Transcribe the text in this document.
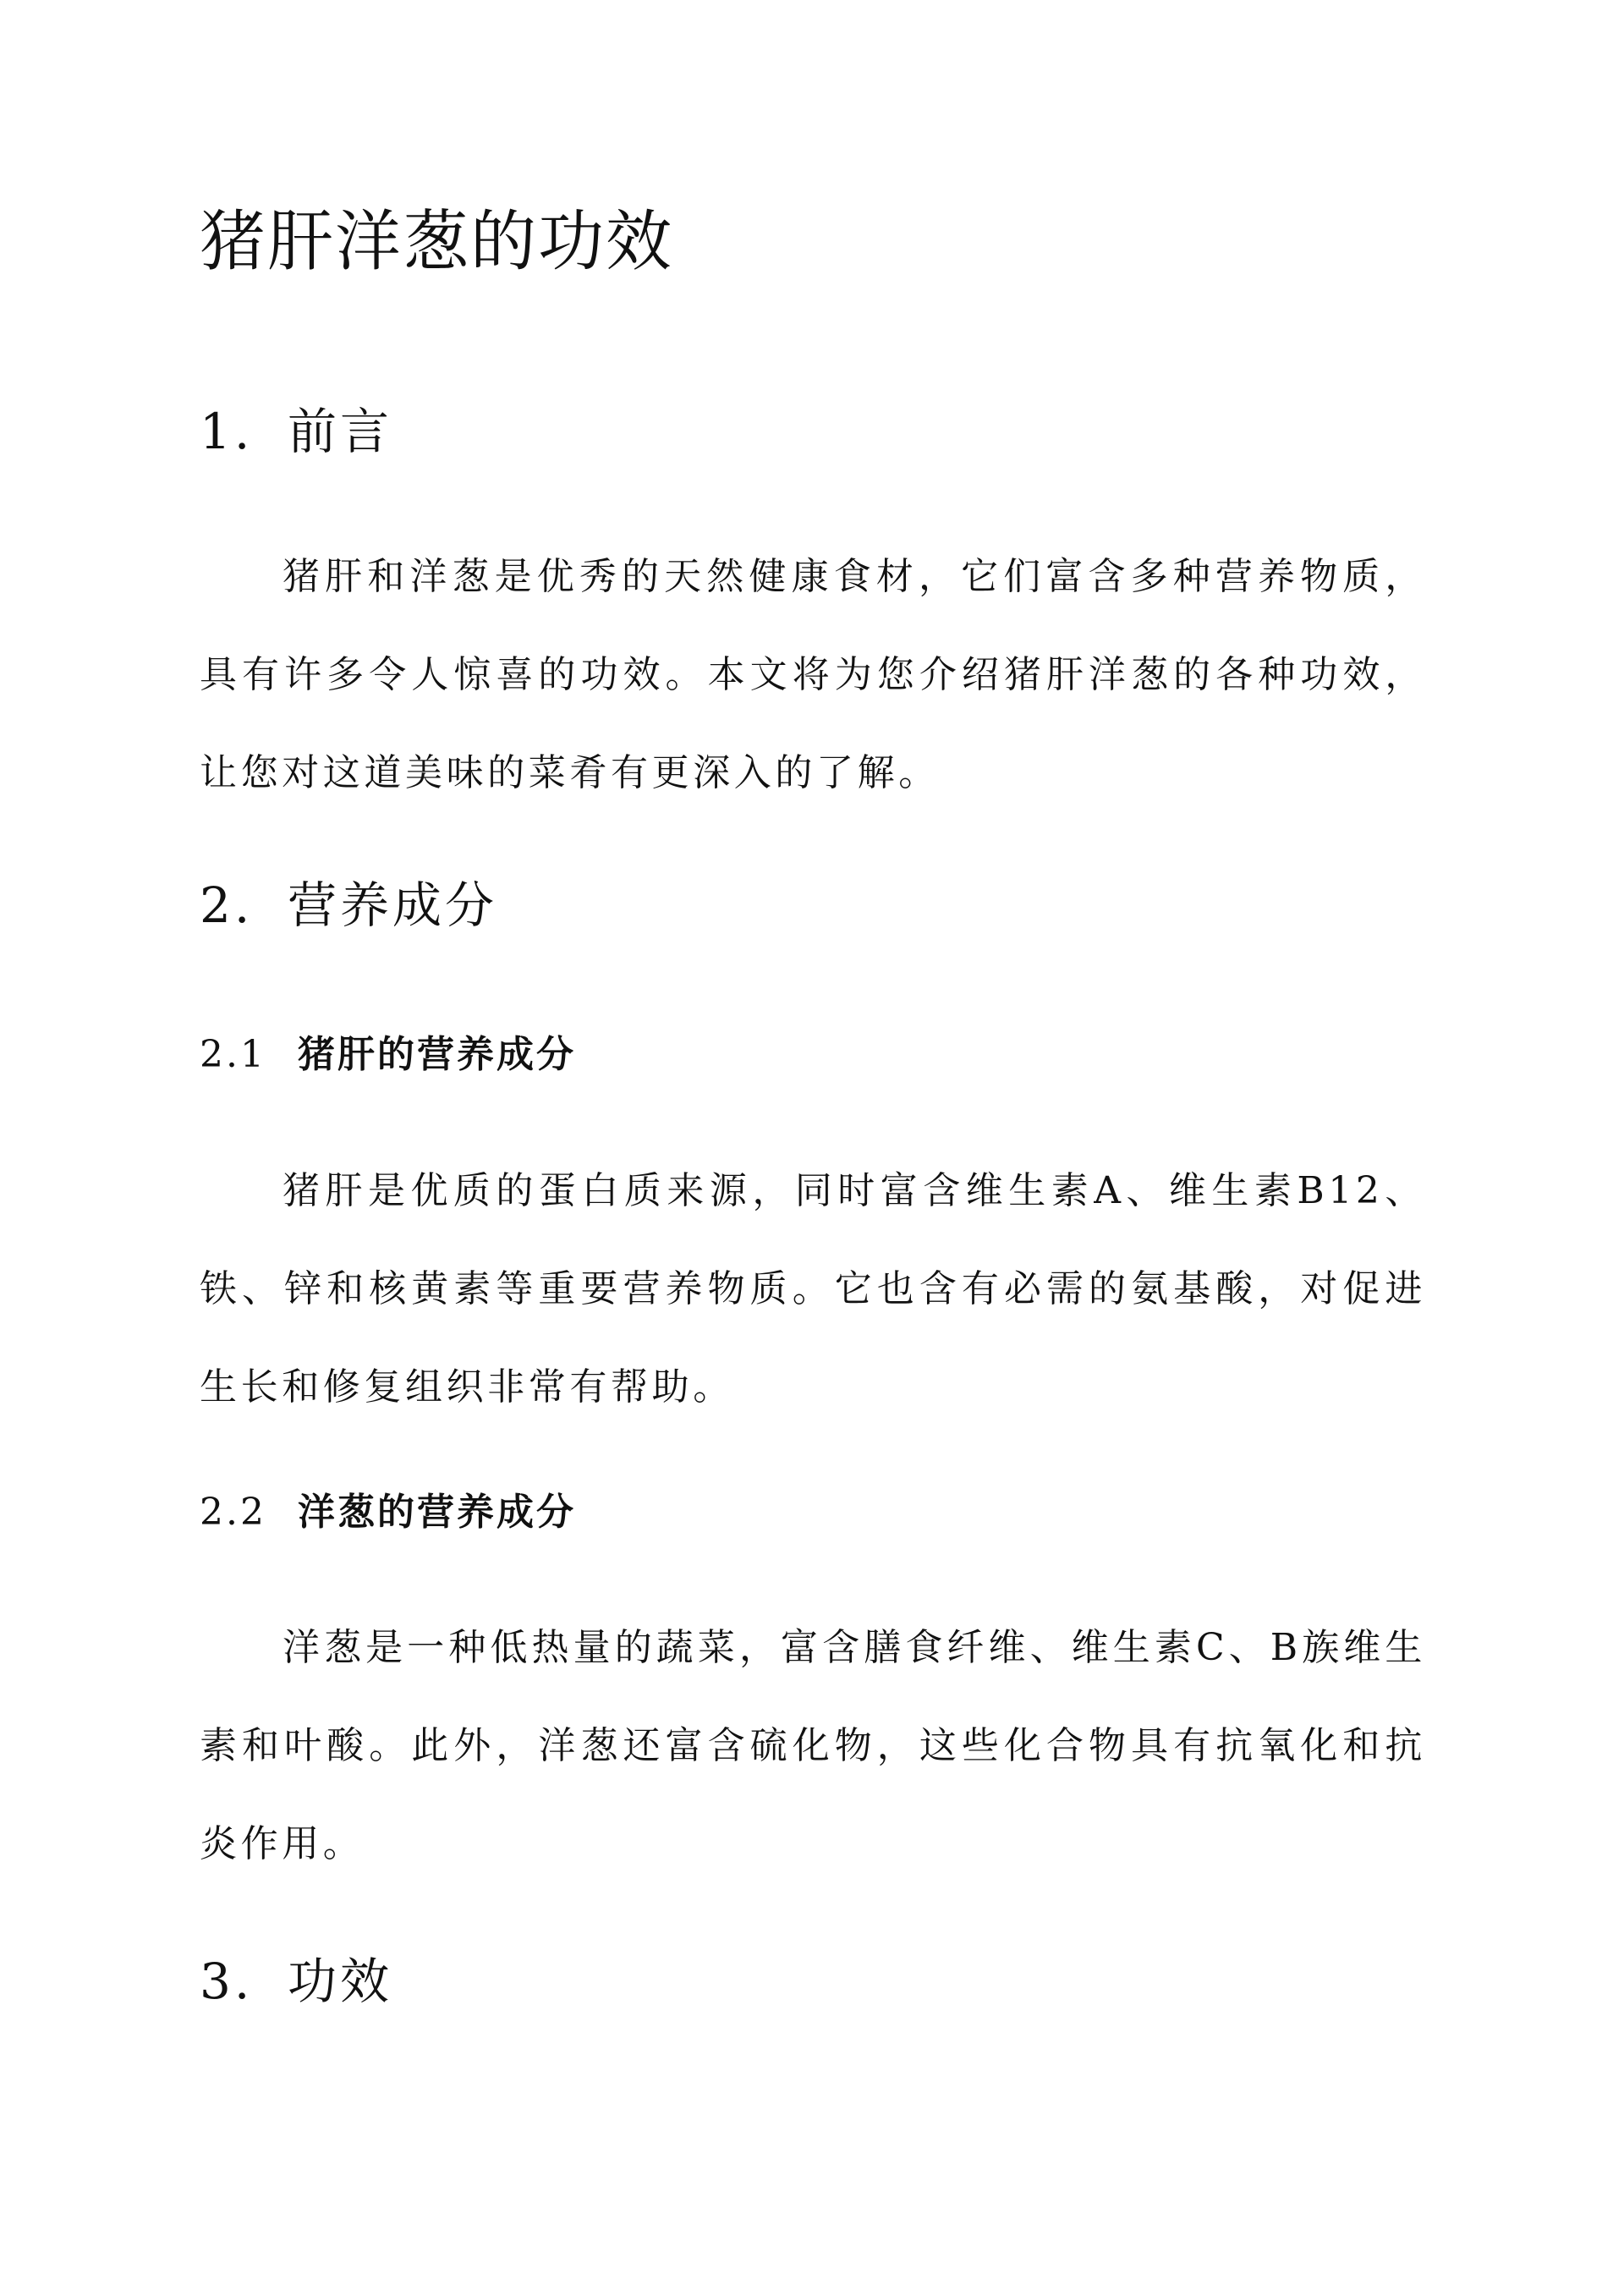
猪肝洋葱的功效
1. 前言

猪肝和洋葱是优秀的天然健康食材，它们富含多种营养物质，具有许多令人惊喜的功效。本文将为您介绍猪肝洋葱的各种功效，让您对这道美味的菜肴有更深入的了解。

2. 营养成分
2.1 猪肝的营养成分

猪肝是优质的蛋白质来源，同时富含维生素A、维生素B12、铁、锌和核黄素等重要营养物质。它也含有必需的氨基酸，对促进生长和修复组织非常有帮助。

2.2 洋葱的营养成分

洋葱是一种低热量的蔬菜，富含膳食纤维、维生素C、B族维生素和叶酸。此外，洋葱还富含硫化物，这些化合物具有抗氧化和抗炎作用。

3. 功效
